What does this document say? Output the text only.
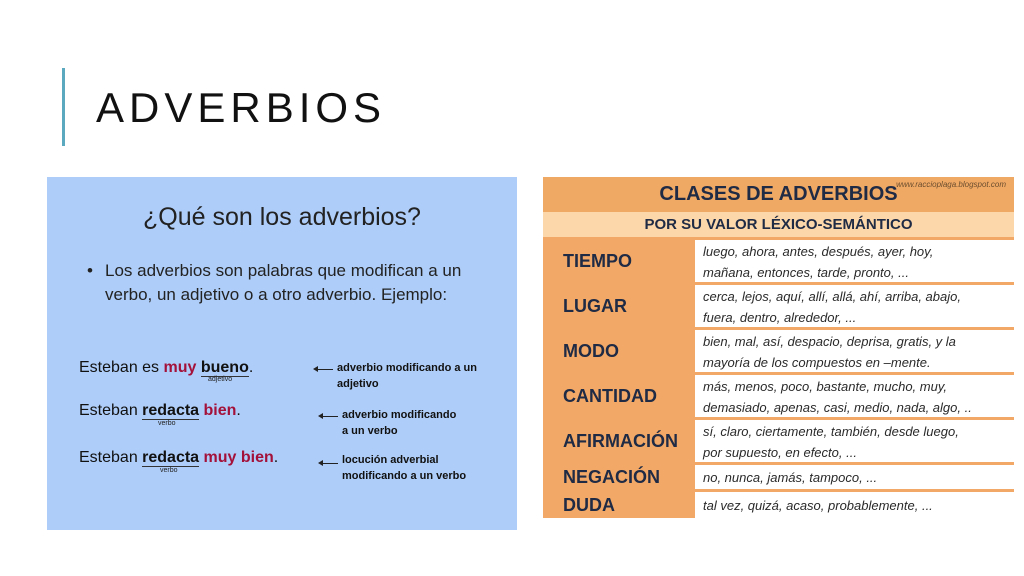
ADVERBIOS
¿Qué son los adverbios?
• Los adverbios son palabras que modifican a un verbo, un adjetivo o a otro adverbio. Ejemplo:
Esteban es muy bueno.
adjetivo
adverbio modificando a un
adjetivo
Esteban redacta bien.
verbo
adverbio modificando
a un verbo
Esteban redacta muy bien.
verbo
locución adverbial
modificando a un verbo
CLASES DE ADVERBIOS
www.raccioplaga.blogspot.com
POR SU VALOR LÉXICO-SEMÁNTICO
TIEMPO	luego, ahora, antes, después, ayer, hoy,
mañana, entonces, tarde, pronto, ...
LUGAR	cerca, lejos, aquí, allí, allá, ahí, arriba, abajo,
fuera, dentro, alrededor, ...
MODO	bien, mal, así, despacio, deprisa, gratis, y la
mayoría de los compuestos en –mente.
CANTIDAD	más, menos, poco, bastante, mucho, muy,
demasiado, apenas, casi, medio, nada, algo, ..
AFIRMACIÓN	sí, claro, ciertamente, también, desde luego,
por supuesto, en efecto, ...
NEGACIÓN	no, nunca, jamás, tampoco, ...
DUDA	tal vez, quizá, acaso, probablemente, ...
